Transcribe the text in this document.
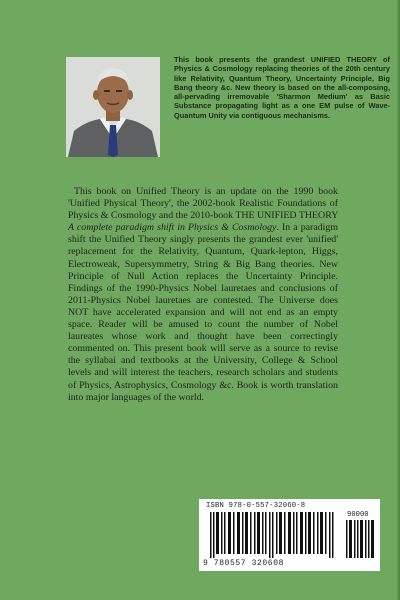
This book presents the grandest UNIFIED THEORY of Physics & Cosmology replacing theories of the 20th century like Relativity, Quantum Theory, Uncertainty Principle, Big Bang theory &c. New theory is based on the all-composing, all-pervading irremovable 'Sharmon Medium' as Basic Substance propagating light as a one EM pulse of Wave-Quantum Unity via contiguous mechanisms.
This book on Unified Theory is an update on the 1990 book 'Unified Physical Theory', the 2002-book Realistic Foundations of Physics & Cosmology and the 2010-book THE UNIFIED THEORY A complete paradigm shift in Physics & Cosmology. In a paradigm shift the Unified Theory singly presents the grandest ever 'unified' replacement for the Relativity, Quantum, Quark-lepton, Higgs, Electroweak, Supersymmetry, String & Big Bang theories. New Principle of Null Action replaces the Uncertainty Principle. Findings of the 1990-Physics Nobel lauretaes and conclusions of 2011-Physics Nobel lauretaes are contested. The Universe does NOT have accelerated expansion and will not end as an empty space. Reader will be amused to count the number of Nobel laureates whose work and thought have been correctingly commented on. This present book will serve as a source to revise the syllabai and textbooks at the University, College & School levels and will interest the teachers, research scholars and students of Physics, Astrophysics, Cosmology &c. Book is worth translation into major languages of the world.
ISBN 978-0-557-32060-8
90000
9 780557 320608
